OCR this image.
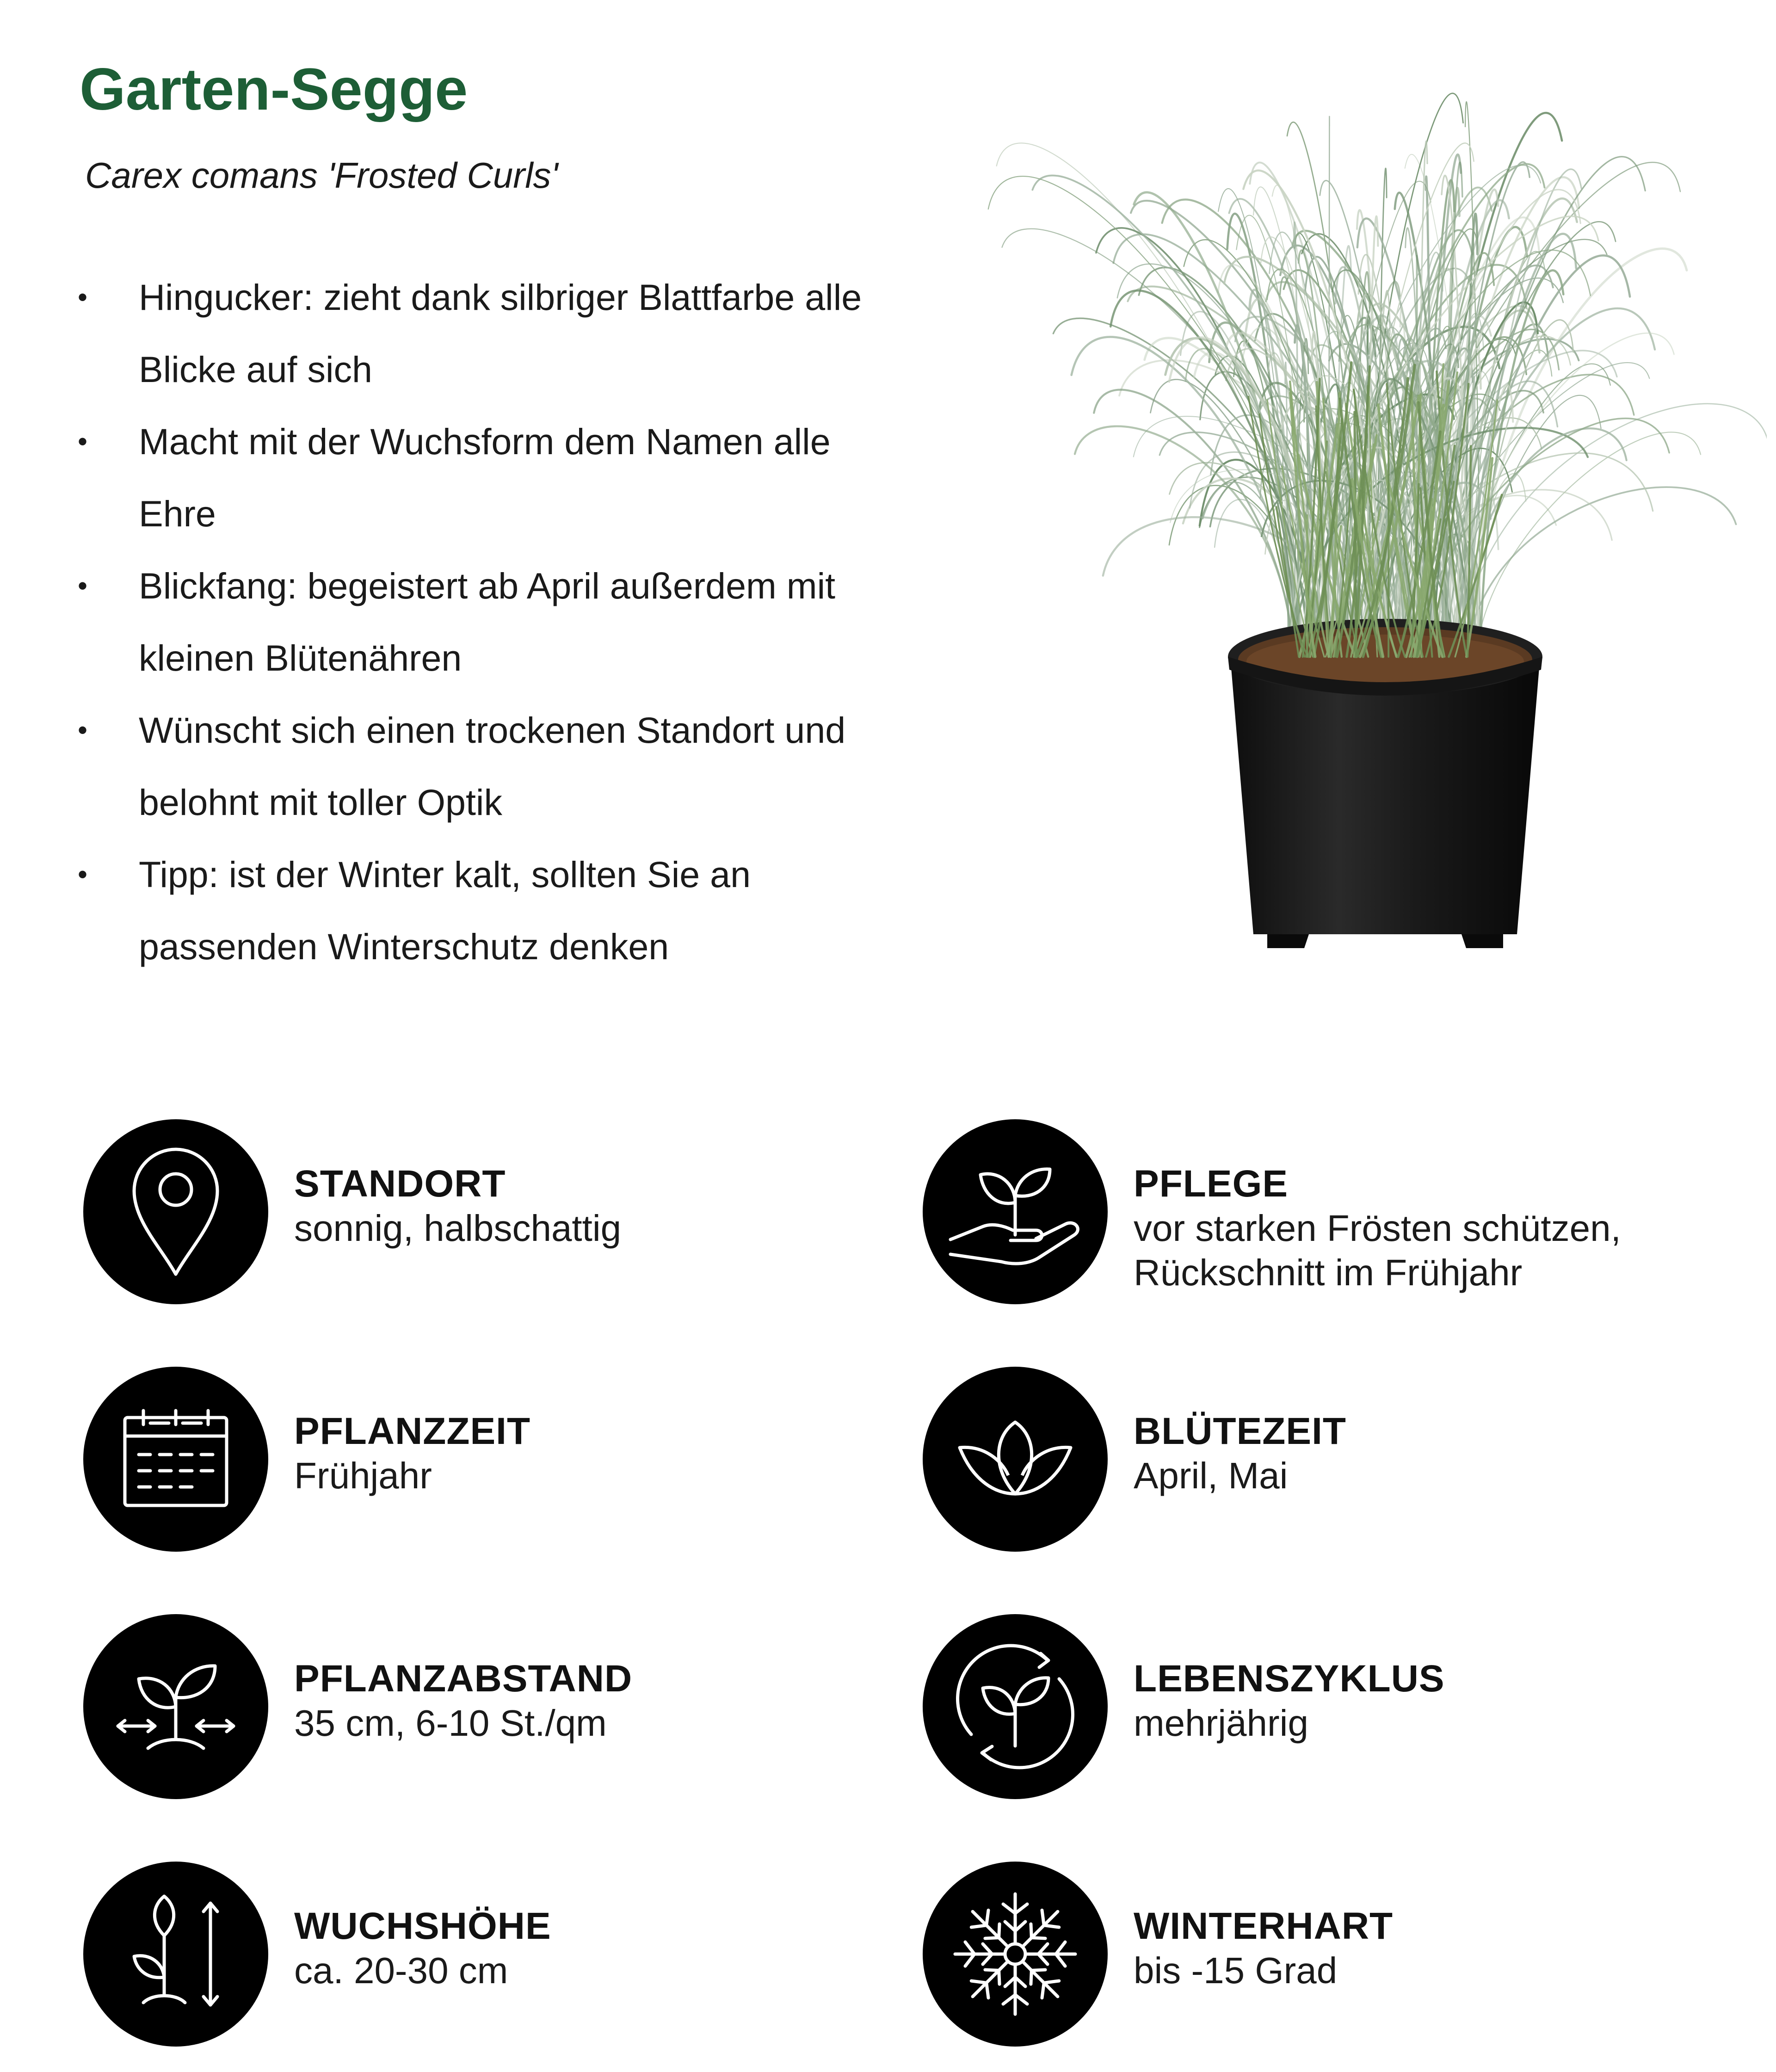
Garten-Segge
Carex comans 'Frosted Curls'
• Hingucker: zieht dank silbriger Blattfarbe alle Blicke auf sich
• Macht mit der Wuchsform dem Namen alle Ehre
• Blickfang: begeistert ab April außerdem mit kleinen Blütenähren
• Wünscht sich einen trockenen Standort und belohnt mit toller Optik
• Tipp: ist der Winter kalt, sollten Sie an passenden Winterschutz denken
STANDORT
sonnig, halbschattig
PFLEGE
vor starken Frösten schützen, Rückschnitt im Frühjahr
PFLANZZEIT
Frühjahr
BLÜTEZEIT
April, Mai
PFLANZABSTAND
35 cm, 6-10 St./qm
LEBENSZYKLUS
mehrjährig
WUCHSHÖHE
ca. 20-30 cm
WINTERHART
bis -15 Grad
